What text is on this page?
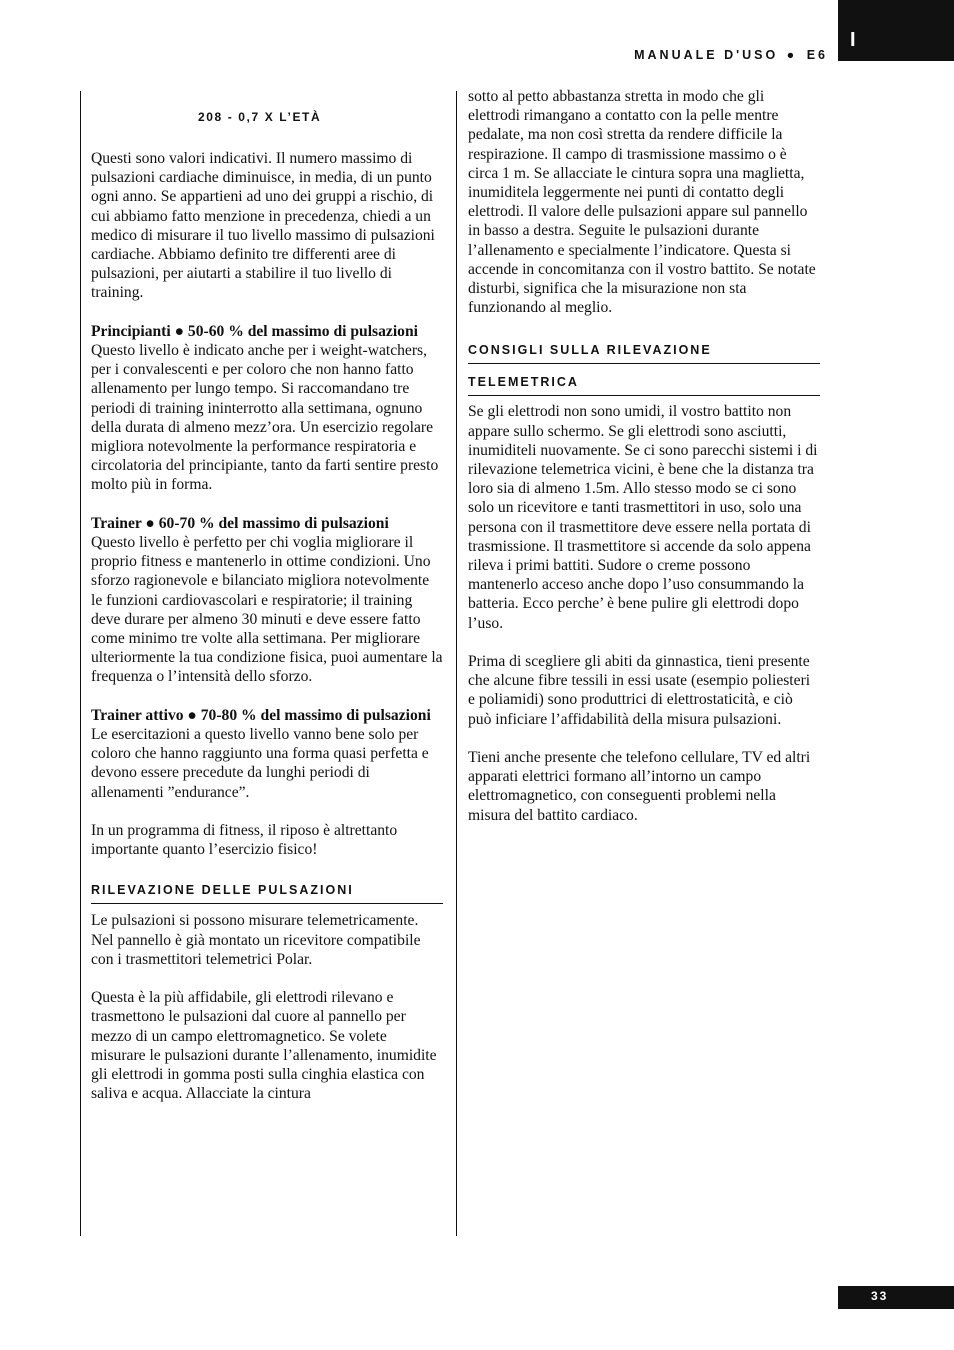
I
MANUALE D'USO ● E6
208 - 0,7 X L’ETÀ

Questi sono valori indicativi. Il numero massimo di pulsazioni cardiache diminuisce, in media, di un punto ogni anno. Se appartieni ad uno dei gruppi a rischio, di cui abbiamo fatto menzione in precedenza, chiedi a un medico di misurare il tuo livello massimo di pulsazioni cardiache. Abbiamo definito tre differenti aree di pulsazioni, per aiutarti a stabilire il tuo livello di training.

Principianti ● 50-60 % del massimo di pulsazioni

Questo livello è indicato anche per i weight-watchers, per i convalescenti e per coloro che non hanno fatto allenamento per lungo tempo. Si raccomandano tre periodi di training ininterrotto alla settimana, ognuno della durata di almeno mezz’ora. Un esercizio regolare migliora notevolmente la performance respiratoria e circolatoria del principiante, tanto da farti sentire presto molto più in forma.

Trainer ● 60-70 % del massimo di pulsazioni

Questo livello è perfetto per chi voglia migliorare il proprio fitness e mantenerlo in ottime condizioni. Uno sforzo ragionevole e bilanciato migliora notevolmente le funzioni cardiovascolari e respiratorie; il training deve durare per almeno 30 minuti e deve essere fatto come minimo tre volte alla settimana. Per migliorare ulteriormente la tua condizione fisica, puoi aumentare la frequenza o l’intensità dello sforzo.

Trainer attivo ● 70-80 % del massimo di pulsazioni

Le esercitazioni a questo livello vanno bene solo per coloro che hanno raggiunto una forma quasi perfetta e devono essere precedute da lunghi periodi di allenamenti ”endurance”.

In un programma di fitness, il riposo è altrettanto importante quanto l’esercizio fisico!

RILEVAZIONE DELLE PULSAZIONI

Le pulsazioni si possono misurare telemetricamente. Nel pannello è già montato un ricevitore compatibile con i trasmettitori telemetrici Polar.

Questa è la più affidabile, gli elettrodi rilevano e trasmettono le pulsazioni dal cuore al pannello per mezzo di un campo elettromagnetico. Se volete misurare le pulsazioni durante l’allenamento, inumidite gli elettrodi in gomma posti sulla cinghia elastica con saliva e acqua. Allacciate la cintura

sotto al petto abbastanza stretta in modo che gli elettrodi rimangano a contatto con la pelle mentre pedalate, ma non così stretta da rendere difficile la respirazione. Il campo di trasmissione massimo o è circa 1 m. Se allacciate le cintura sopra una maglietta, inumiditela leggermente nei punti di contatto degli elettrodi. Il valore delle pulsazioni appare sul pannello in basso a destra. Seguite le pulsazioni durante l’allenamento e specialmente l’indicatore. Questa si accende in concomitanza con il vostro battito. Se notate disturbi, significa che la misurazione non sta funzionando al meglio.

CONSIGLI SULLA RILEVAZIONE
TELEMETRICA

Se gli elettrodi non sono umidi, il vostro battito non appare sullo schermo. Se gli elettrodi sono asciutti, inumiditeli nuovamente. Se ci sono parecchi sistemi i di rilevazione telemetrica vicini, è bene che la distanza tra loro sia di almeno 1.5m. Allo stesso modo se ci sono solo un ricevitore e tanti trasmettitori in uso, solo una persona con il trasmettitore deve essere nella portata di trasmissione. Il trasmettitore si accende da solo appena rileva i primi battiti. Sudore o creme possono mantenerlo acceso anche dopo l’uso consummando la batteria. Ecco perche’ è bene pulire gli elettrodi dopo l’uso.

Prima di scegliere gli abiti da ginnastica, tieni presente che alcune fibre tessili in essi usate (esempio poliesteri e poliamidi) sono produttrici di elettrostaticità, e ciò può inficiare l’affidabilità della misura pulsazioni.

Tieni anche presente che telefono cellulare, TV ed altri apparati elettrici formano all’intorno un campo elettromagnetico, con conseguenti problemi nella misura del battito cardiaco.

33
